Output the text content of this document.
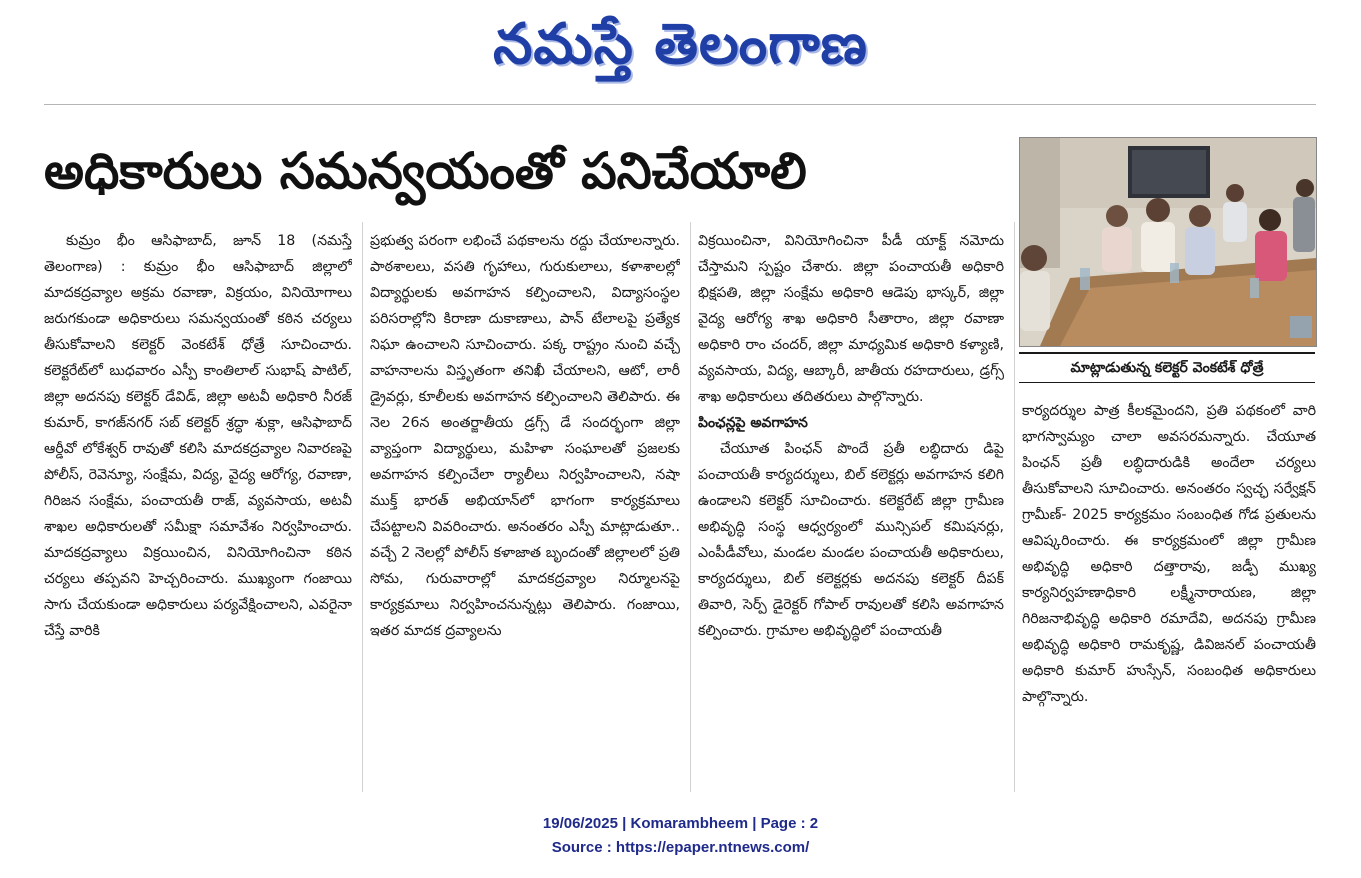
నమస్తే తెలంగాణ
అధికారులు సమన్వయంతో పనిచేయాలి
మాట్లాడుతున్న కలెక్టర్ వెంకటేశ్ ధోత్రే

కుమ్రం భీం ఆసిఫాబాద్, జూన్ 18 (నమస్తే తెలంగాణ) : కుమ్రం భీం ఆసిఫాబాద్ జిల్లాలో మాదకద్రవ్యాల అక్రమ రవాణా, విక్రయం, వినియోగాలు జరుగకుండా అధికారులు సమన్వయంతో కఠిన చర్యలు తీసుకోవాలని కలెక్టర్ వెంకటేశ్ ధోత్రే సూచించారు. కలెక్టరేట్‌లో బుధవారం ఎస్పీ కాంతిలాల్ సుభాష్ పాటిల్, జిల్లా అదనపు కలెక్టర్ డేవిడ్, జిల్లా అటవీ అధికారి నీరజ్ కుమార్, కాగజ్‌నగర్ సబ్ కలెక్టర్ శ్రద్ధా శుక్లా, ఆసిఫాబాద్ ఆర్డీవో లోకేశ్వర్ రావుతో కలిసి మాదకద్రవ్యాల నివారణపై పోలీస్, రెవెన్యూ, సంక్షేమ, విద్య, వైద్య ఆరోగ్య, రవాణా, గిరిజన సంక్షేమ, పంచాయతీ రాజ్, వ్యవసాయ, అటవీ శాఖల అధికారులతో సమీక్షా సమావేశం నిర్వహించారు. మాదకద్రవ్యాలు విక్రయించిన, వినియోగించినా కఠిన చర్యలు తప్పవని హెచ్చరించారు. ముఖ్యంగా గంజాయి సాగు చేయకుండా అధికారులు పర్యవేక్షించాలని, ఎవరైనా చేస్తే వారికి

ప్రభుత్వ పరంగా లభించే పథకాలను రద్దు చేయాలన్నారు. పాఠశాలలు, వసతి గృహాలు, గురుకులాలు, కళాశాలల్లో విద్యార్థులకు అవగాహన కల్పించాలని, విద్యాసంస్థల పరిసరాల్లోని కిరాణా దుకాణాలు, పాన్ టేలాలపై ప్రత్యేక నిఘా ఉంచాలని సూచించారు. పక్క రాష్ట్రం నుంచి వచ్చే వాహనాలను విస్తృతంగా తనిఖీ చేయాలని, ఆటో, లారీ డ్రైవర్లు, కూలీలకు అవగాహన కల్పించాలని తెలిపారు. ఈ నెల 26న అంతర్జాతీయ డ్రగ్స్ డే సందర్భంగా జిల్లా వ్యాప్తంగా విద్యార్థులు, మహిళా సంఘాలతో ప్రజలకు అవగాహన కల్పించేలా ర్యాలీలు నిర్వహించాలని, నషా ముక్త్ భారత్ అభియాన్‌లో భాగంగా కార్యక్రమాలు చేపట్టాలని వివరించారు. అనంతరం ఎస్పీ మాట్లాడుతూ.. వచ్చే 2 నెలల్లో పోలీస్ కళాజాత బృందంతో జిల్లాలలో ప్రతి సోమ, గురువారాల్లో మాదకద్రవ్యాల నిర్మూలనపై కార్యక్రమాలు నిర్వహించనున్నట్లు తెలిపారు. గంజాయి, ఇతర మాదక ద్రవ్యాలను

విక్రయించినా, వినియోగించినా పీడీ యాక్ట్ నమోదు చేస్తామని స్పష్టం చేశారు. జిల్లా పంచాయతీ అధికారి భిక్షపతి, జిల్లా సంక్షేమ అధికారి ఆడెపు భాస్కర్, జిల్లా వైద్య ఆరోగ్య శాఖ అధికారి సీతారాం, జిల్లా రవాణా అధికారి రాం చందర్, జిల్లా మాధ్యమిక అధికారి కళ్యాణి, వ్యవసాయ, విద్య, ఆబ్కారీ, జాతీయ రహదారులు, డ్రగ్స్ శాఖ అధికారులు తదితరులు పాల్గొన్నారు.

పింఛన్లపై అవగాహన

చేయూత పింఛన్ పొందే ప్రతీ లబ్ధిదారు డిపై పంచాయతీ కార్యదర్శులు, బిల్ కలెక్టర్లు అవగాహన కలిగి ఉండాలని కలెక్టర్ సూచించారు. కలెక్టరేట్ జిల్లా గ్రామీణ అభివృద్ధి సంస్థ ఆధ్వర్యంలో మున్సిపల్ కమిషనర్లు, ఎంపీడీవోలు, మండల మండల పంచాయతీ అధికారులు, కార్యదర్శులు, బిల్ కలెక్టర్లకు అదనపు కలెక్టర్ దీపక్ తివారి, సెర్ప్ డైరెక్టర్ గోపాల్ రావులతో కలిసి అవగాహన కల్పించారు. గ్రామాల అభివృద్ధిలో పంచాయతీ

కార్యదర్శుల పాత్ర కీలకమైందని, ప్రతి పథకంలో వారి భాగస్వామ్యం చాలా అవసరమన్నారు. చేయూత పింఛన్ ప్రతీ లబ్ధిదారుడికి అందేలా చర్యలు తీసుకోవాలని సూచించారు. అనంతరం స్వచ్ఛ సర్వేక్షన్ గ్రామీణ్- 2025 కార్యక్రమం సంబంధిత గోడ ప్రతులను ఆవిష్కరించారు. ఈ కార్యక్రమంలో జిల్లా గ్రామీణ అభివృద్ధి అధికారి దత్తారావు, జడ్పీ ముఖ్య కార్యనిర్వహణాధికారి లక్ష్మీనారాయణ, జిల్లా గిరిజనాభివృద్ధి అధికారి రమాదేవి, అదనపు గ్రామీణ అభివృద్ధి అధికారి రామకృష్ణ, డివిజనల్ పంచాయతీ అధికారి కుమార్ హుస్సేన్, సంబంధిత అధికారులు పాల్గొన్నారు.

19/06/2025 | Komarambheem | Page : 2
Source : https://epaper.ntnews.com/
